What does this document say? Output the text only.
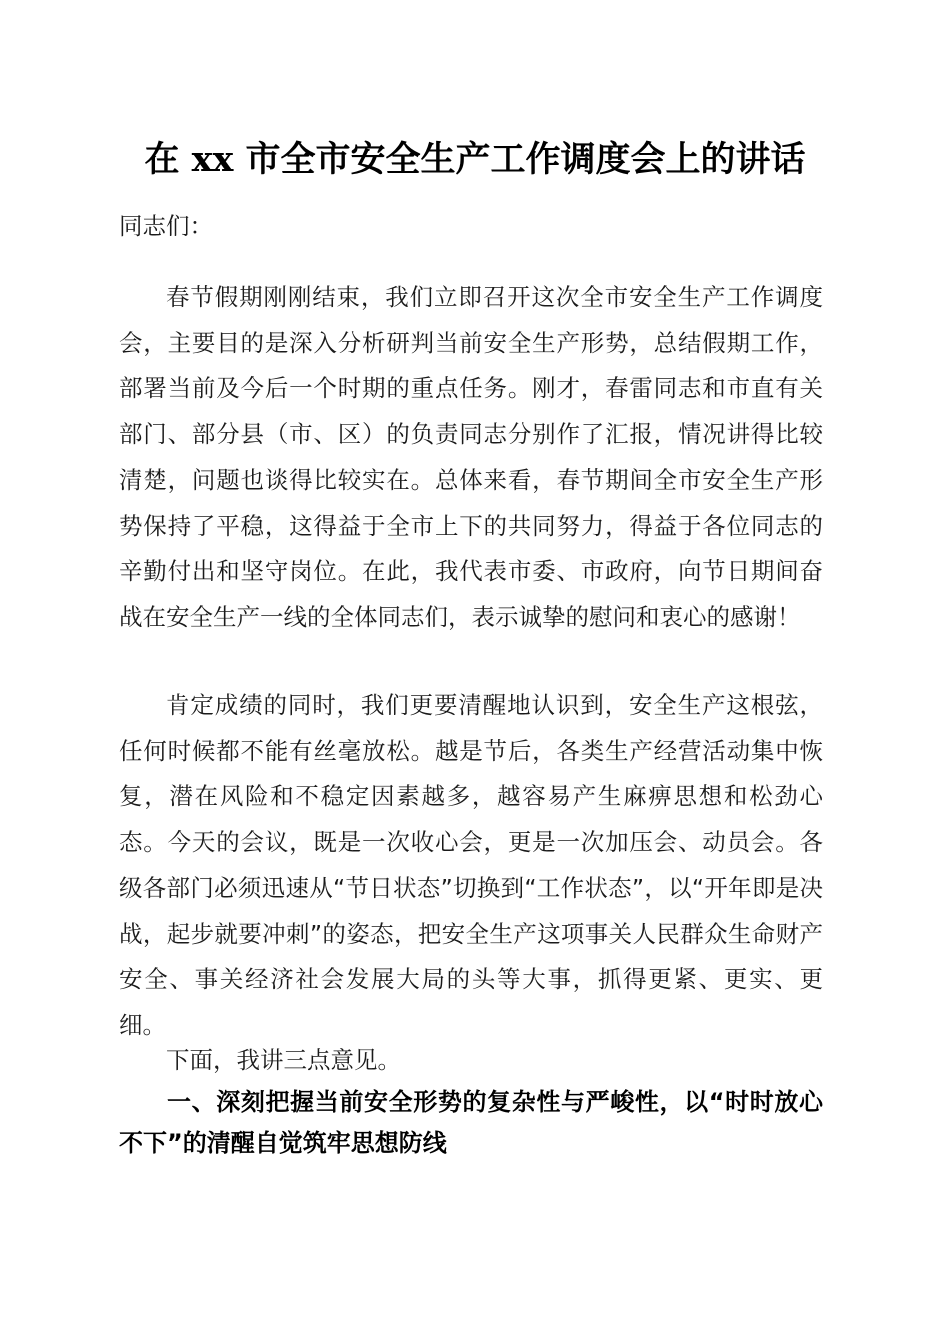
在 xx 市全市安全生产工作调度会上的讲话

同志们：

春节假期刚刚结束，我们立即召开这次全市安全生产工作调度会，主要目的是深入分析研判当前安全生产形势，总结假期工作，部署当前及今后一个时期的重点任务。刚才，春雷同志和市直有关部门、部分县（市、区）的负责同志分别作了汇报，情况讲得比较清楚，问题也谈得比较实在。总体来看，春节期间全市安全生产形势保持了平稳，这得益于全市上下的共同努力，得益于各位同志的辛勤付出和坚守岗位。在此，我代表市委、市政府，向节日期间奋战在安全生产一线的全体同志们，表示诚挚的慰问和衷心的感谢！

肯定成绩的同时，我们更要清醒地认识到，安全生产这根弦，任何时候都不能有丝毫放松。越是节后，各类生产经营活动集中恢复，潜在风险和不稳定因素越多，越容易产生麻痹思想和松劲心态。今天的会议，既是一次收心会，更是一次加压会、动员会。各级各部门必须迅速从“节日状态”切换到“工作状态”，以“开年即是决战，起步就要冲刺”的姿态，把安全生产这项事关人民群众生命财产安全、事关经济社会发展大局的头等大事，抓得更紧、更实、更细。

下面，我讲三点意见。

一、深刻把握当前安全形势的复杂性与严峻性，以“时时放心不下”的清醒自觉筑牢思想防线
